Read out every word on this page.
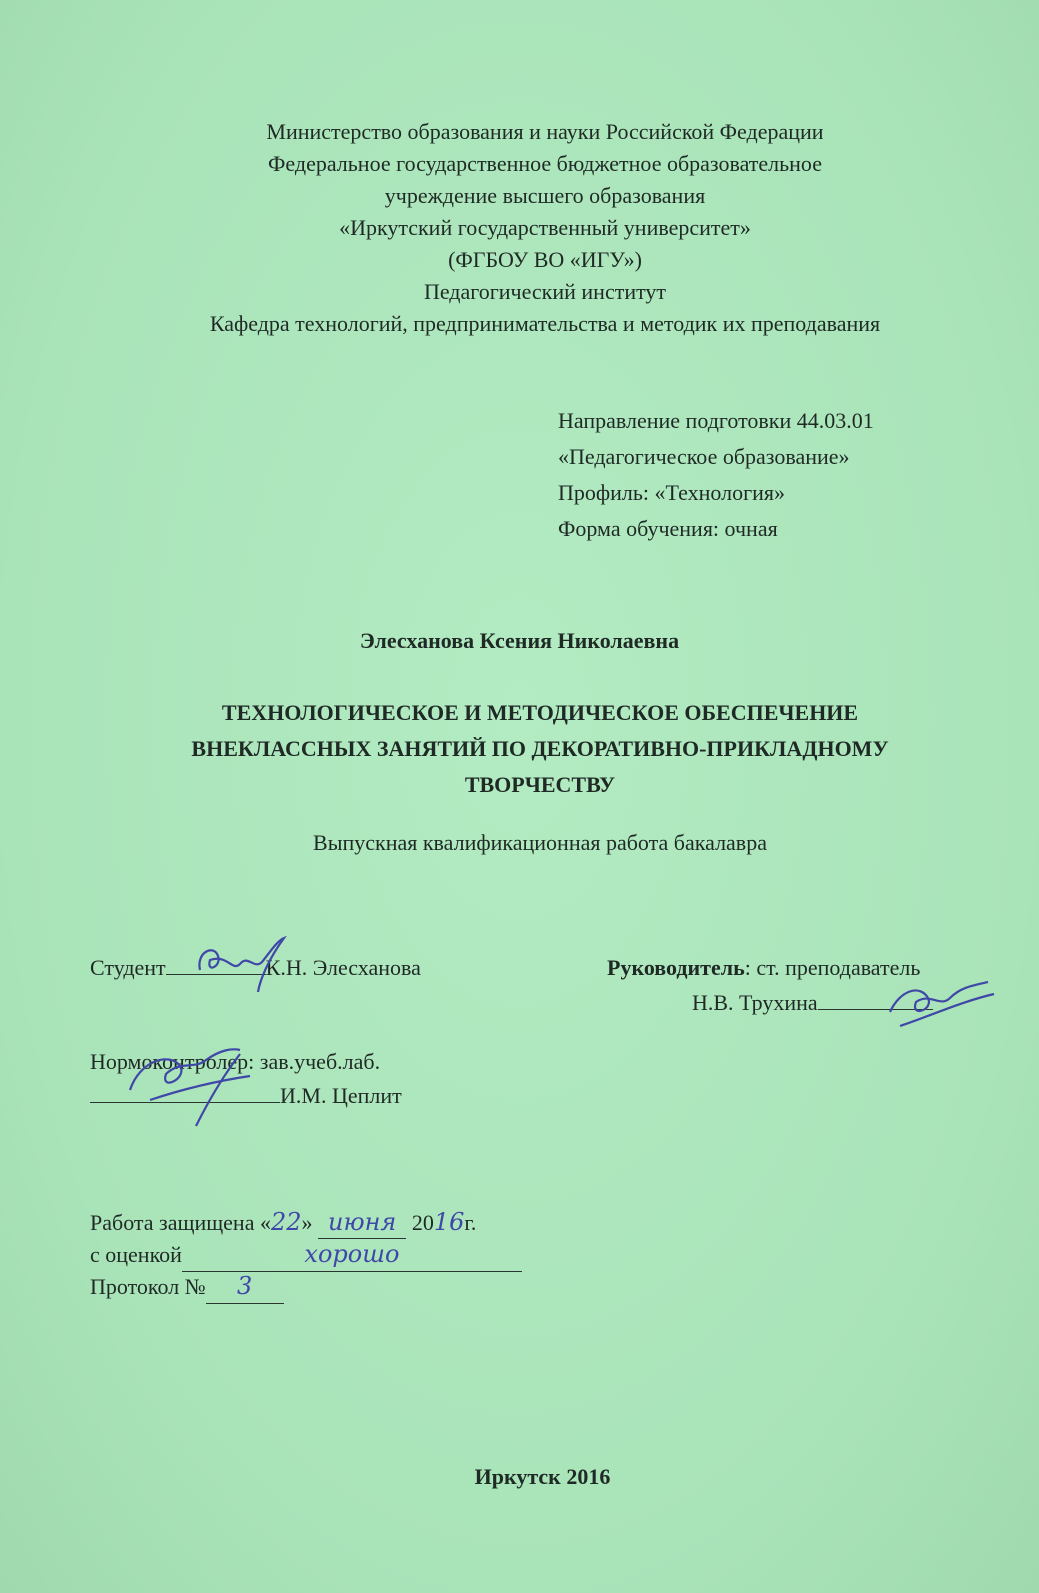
Министерство образования и науки Российской Федерации
Федеральное государственное бюджетное образовательное
учреждение высшего образования
«Иркутский государственный университет»
(ФГБОУ ВО «ИГУ»)
Педагогический институт
Кафедра технологий, предпринимательства и методик их преподавания
Направление подготовки 44.03.01
«Педагогическое образование»
Профиль: «Технология»
Форма обучения: очная
Элесханова Ксения Николаевна
ТЕХНОЛОГИЧЕСКОЕ И МЕТОДИЧЕСКОЕ ОБЕСПЕЧЕНИЕ
ВНЕКЛАССНЫХ ЗАНЯТИЙ ПО ДЕКОРАТИВНО-ПРИКЛАДНОМУ
ТВОРЧЕСТВУ
Выпускная квалификационная работа бакалавра
Студент	К.Н. Элесханова	Руководитель: ст. преподаватель
Н.В. Трухина
Нормоконтролер: зав.учеб.лаб.
И.М. Цеплит
Работа защищена «22» июня 2016г.
с оценкой	хорошо
Протокол № 3
Иркутск 2016
